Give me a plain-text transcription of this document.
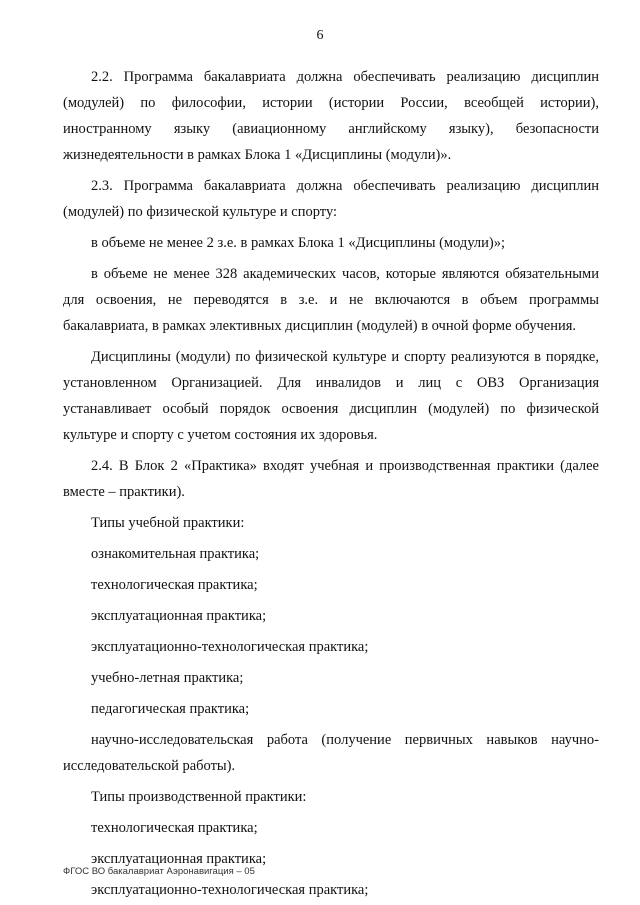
6

2.2. Программа бакалавриата должна обеспечивать реализацию дисциплин (модулей) по философии, истории (истории России, всеобщей истории), иностранному языку (авиационному английскому языку), безопасности жизнедеятельности в рамках Блока 1 «Дисциплины (модули)».

2.3. Программа бакалавриата должна обеспечивать реализацию дисциплин (модулей) по физической культуре и спорту:

в объеме не менее 2 з.е. в рамках Блока 1 «Дисциплины (модули)»;

в объеме не менее 328 академических часов, которые являются обязательными для освоения, не переводятся в з.е. и не включаются в объем программы бакалавриата, в рамках элективных дисциплин (модулей) в очной форме обучения.

Дисциплины (модули) по физической культуре и спорту реализуются в порядке, установленном Организацией. Для инвалидов и лиц с ОВЗ Организация устанавливает особый порядок освоения дисциплин (модулей) по физической культуре и спорту с учетом состояния их здоровья.

2.4. В Блок 2 «Практика» входят учебная и производственная практики (далее вместе – практики).

Типы учебной практики:

ознакомительная практика;

технологическая практика;

эксплуатационная практика;

эксплуатационно-технологическая практика;

учебно-летная практика;

педагогическая практика;

научно-исследовательская работа (получение первичных навыков научно-исследовательской работы).

Типы производственной практики:

технологическая практика;

эксплуатационная практика;

эксплуатационно-технологическая практика;

ФГОС ВО бакалавриат Аэронавигация – 05
